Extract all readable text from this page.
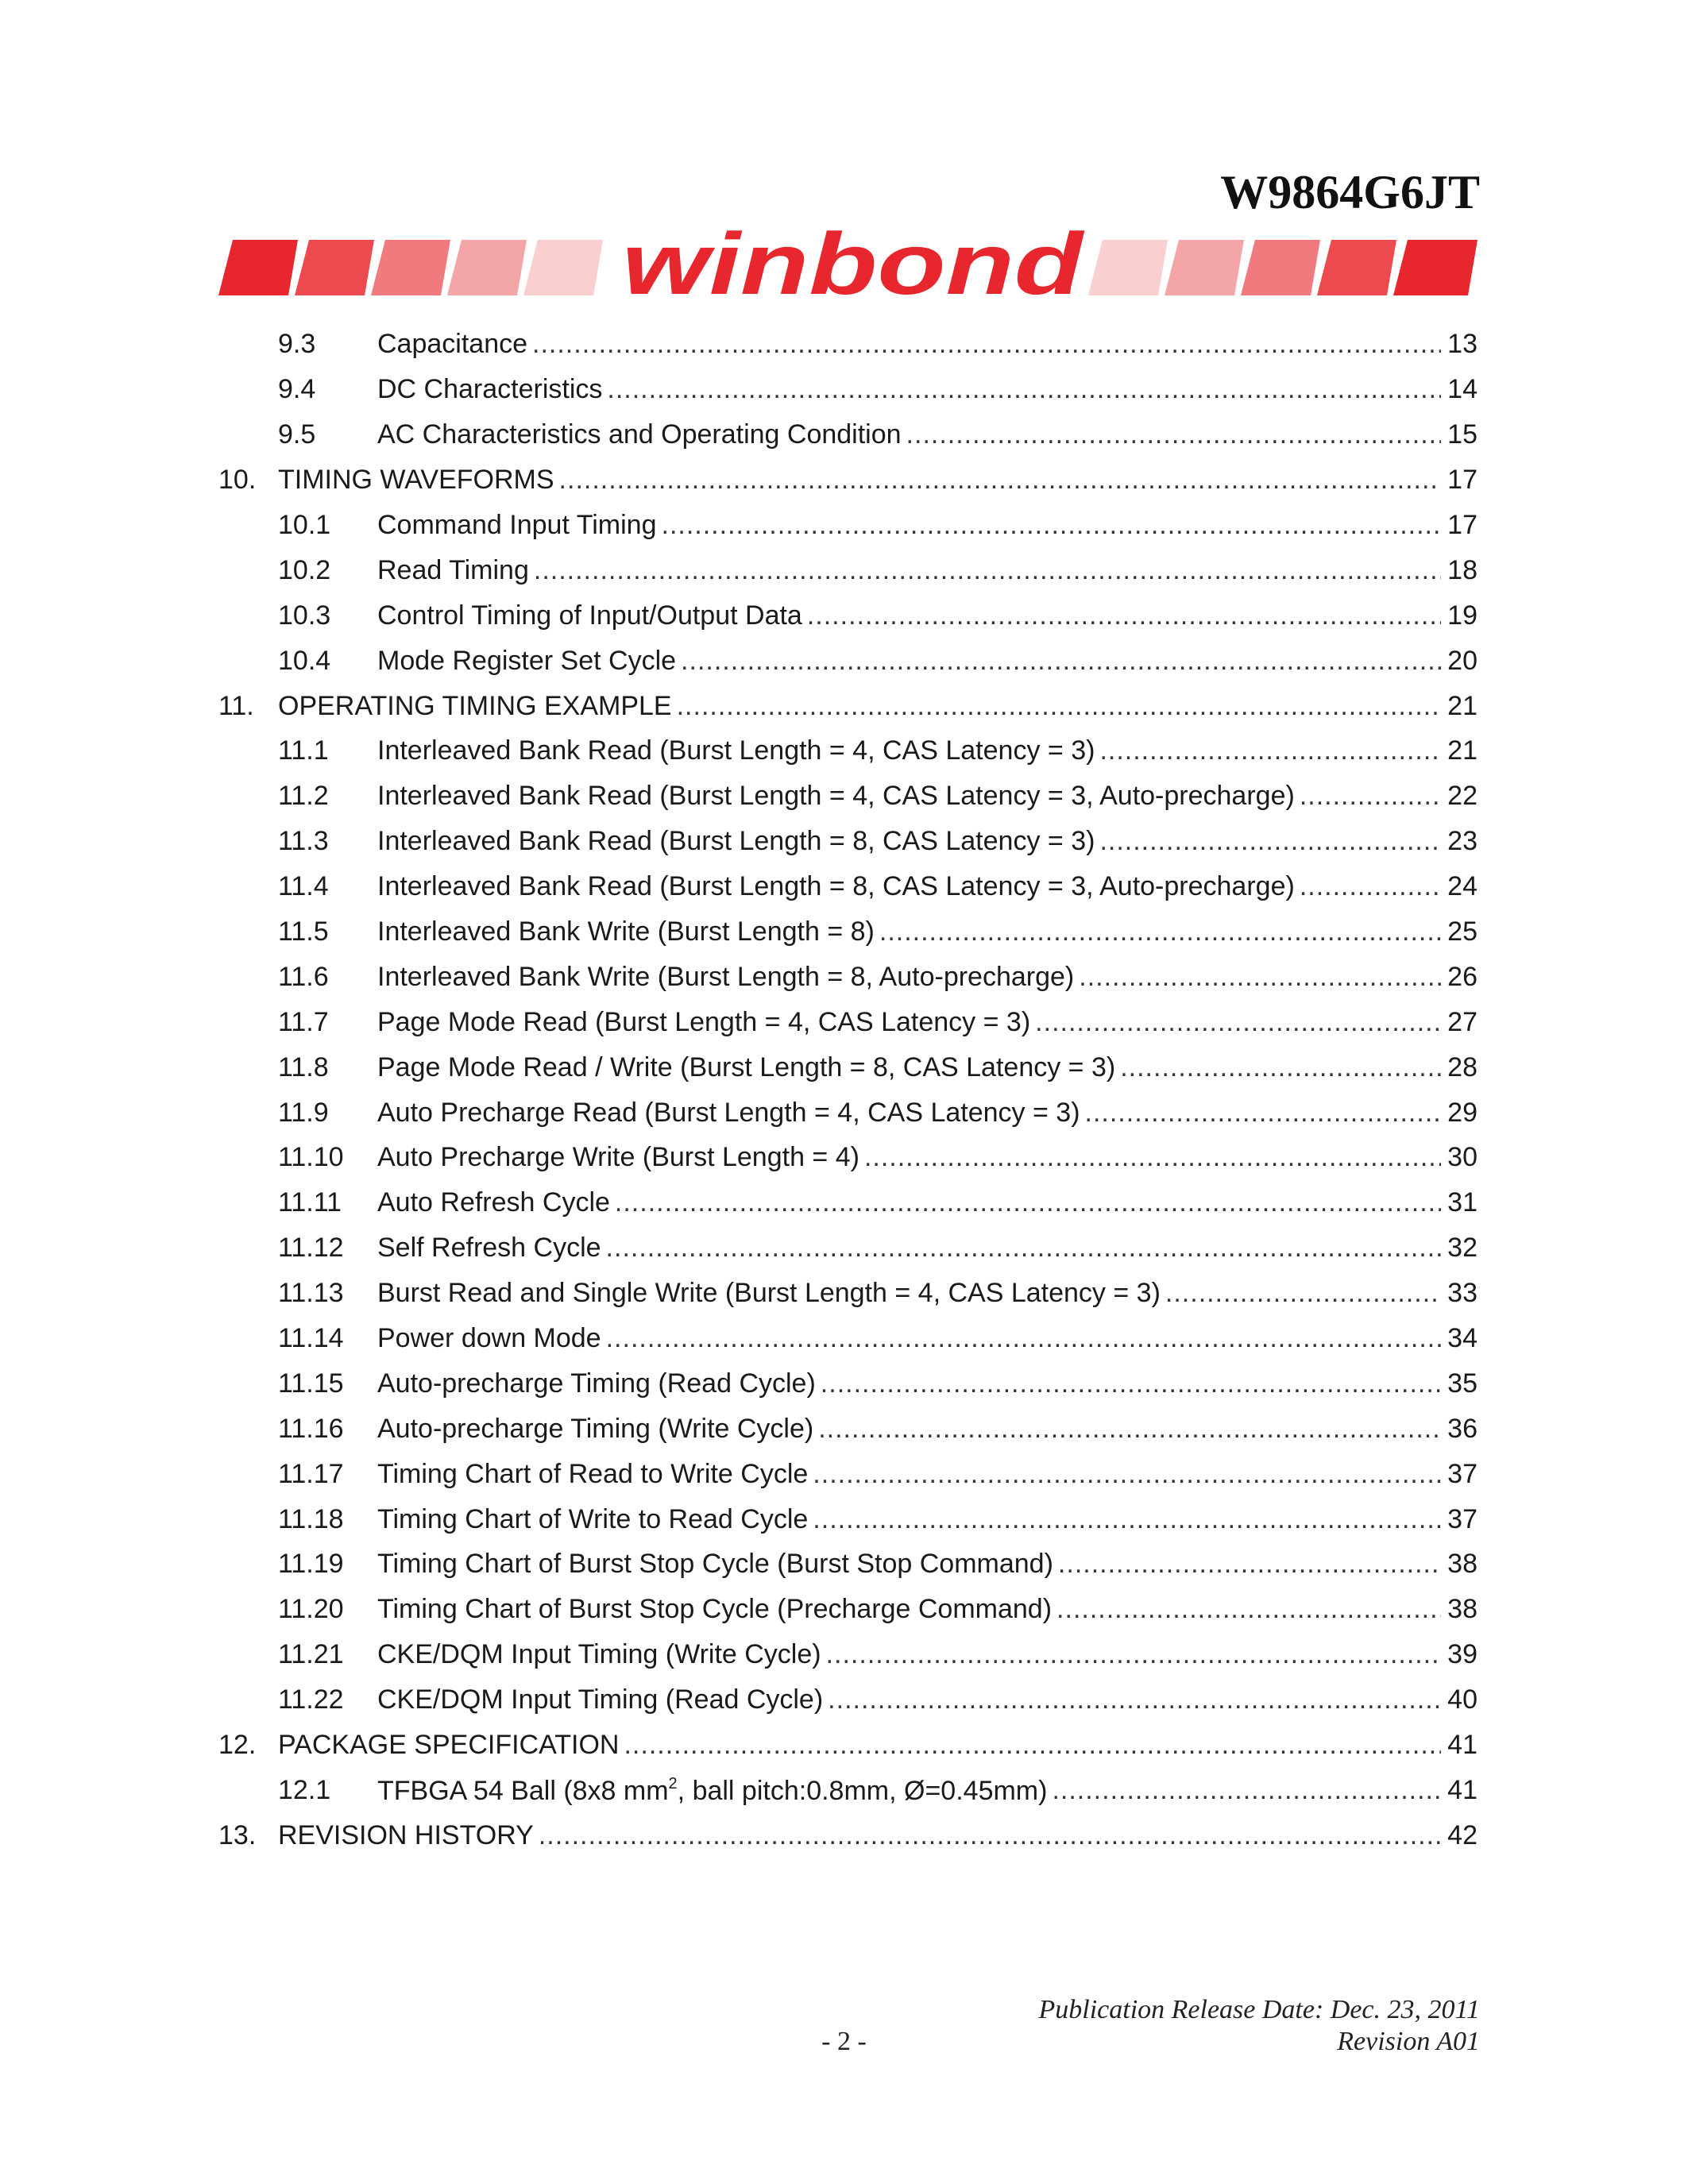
W9864G6JT
winbond
9.3	Capacitance .....	13
9.4	DC Characteristics .....	14
9.5	AC Characteristics and Operating Condition .....	15
10. TIMING WAVEFORMS .....	17
10.1	Command Input Timing .....	17
10.2	Read Timing .....	18
10.3	Control Timing of Input/Output Data .....	19
10.4	Mode Register Set Cycle .....	20
11. OPERATING TIMING EXAMPLE .....	21
11.1	Interleaved Bank Read (Burst Length = 4, CAS Latency = 3) .....	21
11.2	Interleaved Bank Read (Burst Length = 4, CAS Latency = 3, Auto-precharge) .....	22
11.3	Interleaved Bank Read (Burst Length = 8, CAS Latency = 3) .....	23
11.4	Interleaved Bank Read (Burst Length = 8, CAS Latency = 3, Auto-precharge) .....	24
11.5	Interleaved Bank Write (Burst Length = 8) .....	25
11.6	Interleaved Bank Write (Burst Length = 8, Auto-precharge) .....	26
11.7	Page Mode Read (Burst Length = 4, CAS Latency = 3) .....	27
11.8	Page Mode Read / Write (Burst Length = 8, CAS Latency = 3) .....	28
11.9	Auto Precharge Read (Burst Length = 4, CAS Latency = 3) .....	29
11.10	Auto Precharge Write (Burst Length = 4) .....	30
11.11	Auto Refresh Cycle .....	31
11.12	Self Refresh Cycle .....	32
11.13	Burst Read and Single Write (Burst Length = 4, CAS Latency = 3) .....	33
11.14	Power down Mode .....	34
11.15	Auto-precharge Timing (Read Cycle) .....	35
11.16	Auto-precharge Timing (Write Cycle) .....	36
11.17	Timing Chart of Read to Write Cycle .....	37
11.18	Timing Chart of Write to Read Cycle .....	37
11.19	Timing Chart of Burst Stop Cycle (Burst Stop Command) .....	38
11.20	Timing Chart of Burst Stop Cycle (Precharge Command) .....	38
11.21	CKE/DQM Input Timing (Write Cycle) .....	39
11.22	CKE/DQM Input Timing (Read Cycle) .....	40
12. PACKAGE SPECIFICATION .....	41
12.1	TFBGA 54 Ball (8x8 $mm^2$, ball pitch:0.8mm, Ø=0.45mm) .....	41
13. REVISION HISTORY .....	42
Publication Release Date: Dec. 23, 2011
- 2 -	Revision A01
